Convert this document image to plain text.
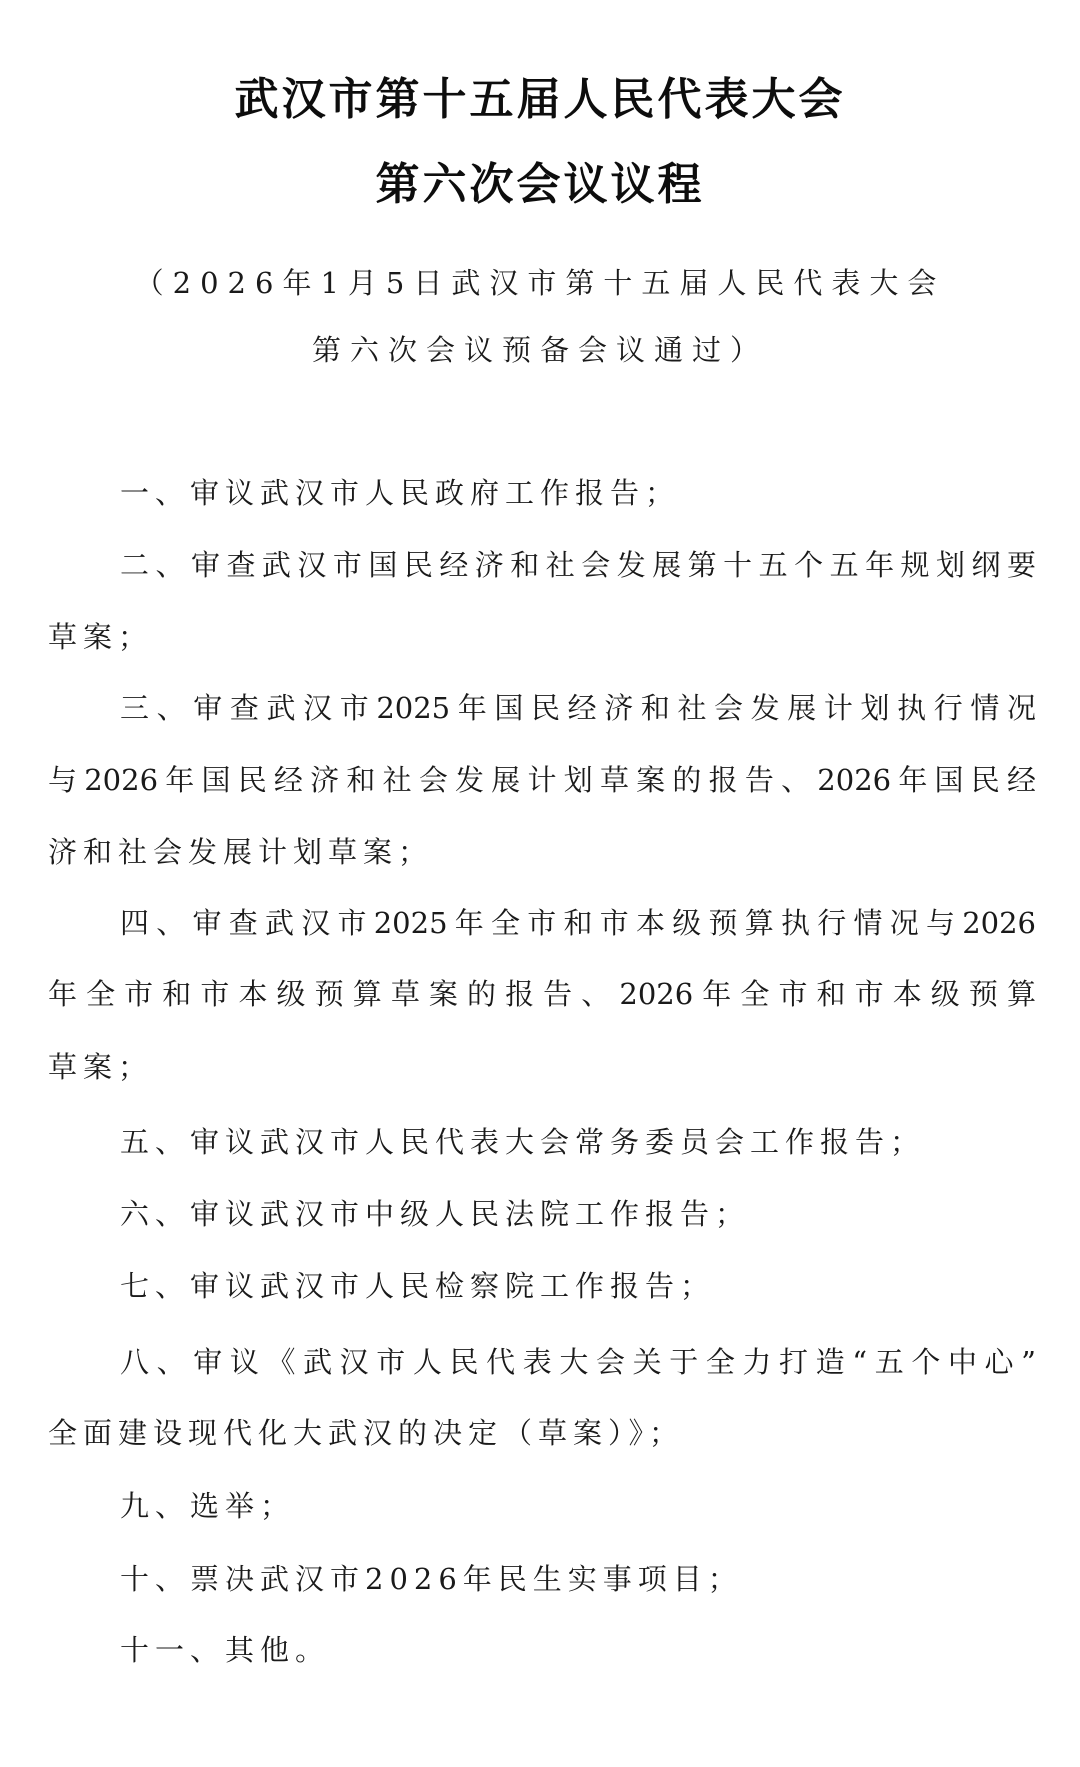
武汉市第十五届人民代表大会
第六次会议议程
（2026年1月5日武汉市第十五届人民代表大会
第六次会议预备会议通过）
一、审议武汉市人民政府工作报告；
二、审查武汉市国民经济和社会发展第十五个五年规划纲要
草案；
三、审查武汉市2025年国民经济和社会发展计划执行情况
与2026年国民经济和社会发展计划草案的报告、2026年国民经
济和社会发展计划草案；
四、审查武汉市2025年全市和市本级预算执行情况与2026
年全市和市本级预算草案的报告、2026年全市和市本级预算
草案；
五、审议武汉市人民代表大会常务委员会工作报告；
六、审议武汉市中级人民法院工作报告；
七、审议武汉市人民检察院工作报告；
八、审议《武汉市人民代表大会关于全力打造“五个中心”
全面建设现代化大武汉的决定（草案）》；
九、选举；
十、票决武汉市2026年民生实事项目；
十一、其他。
